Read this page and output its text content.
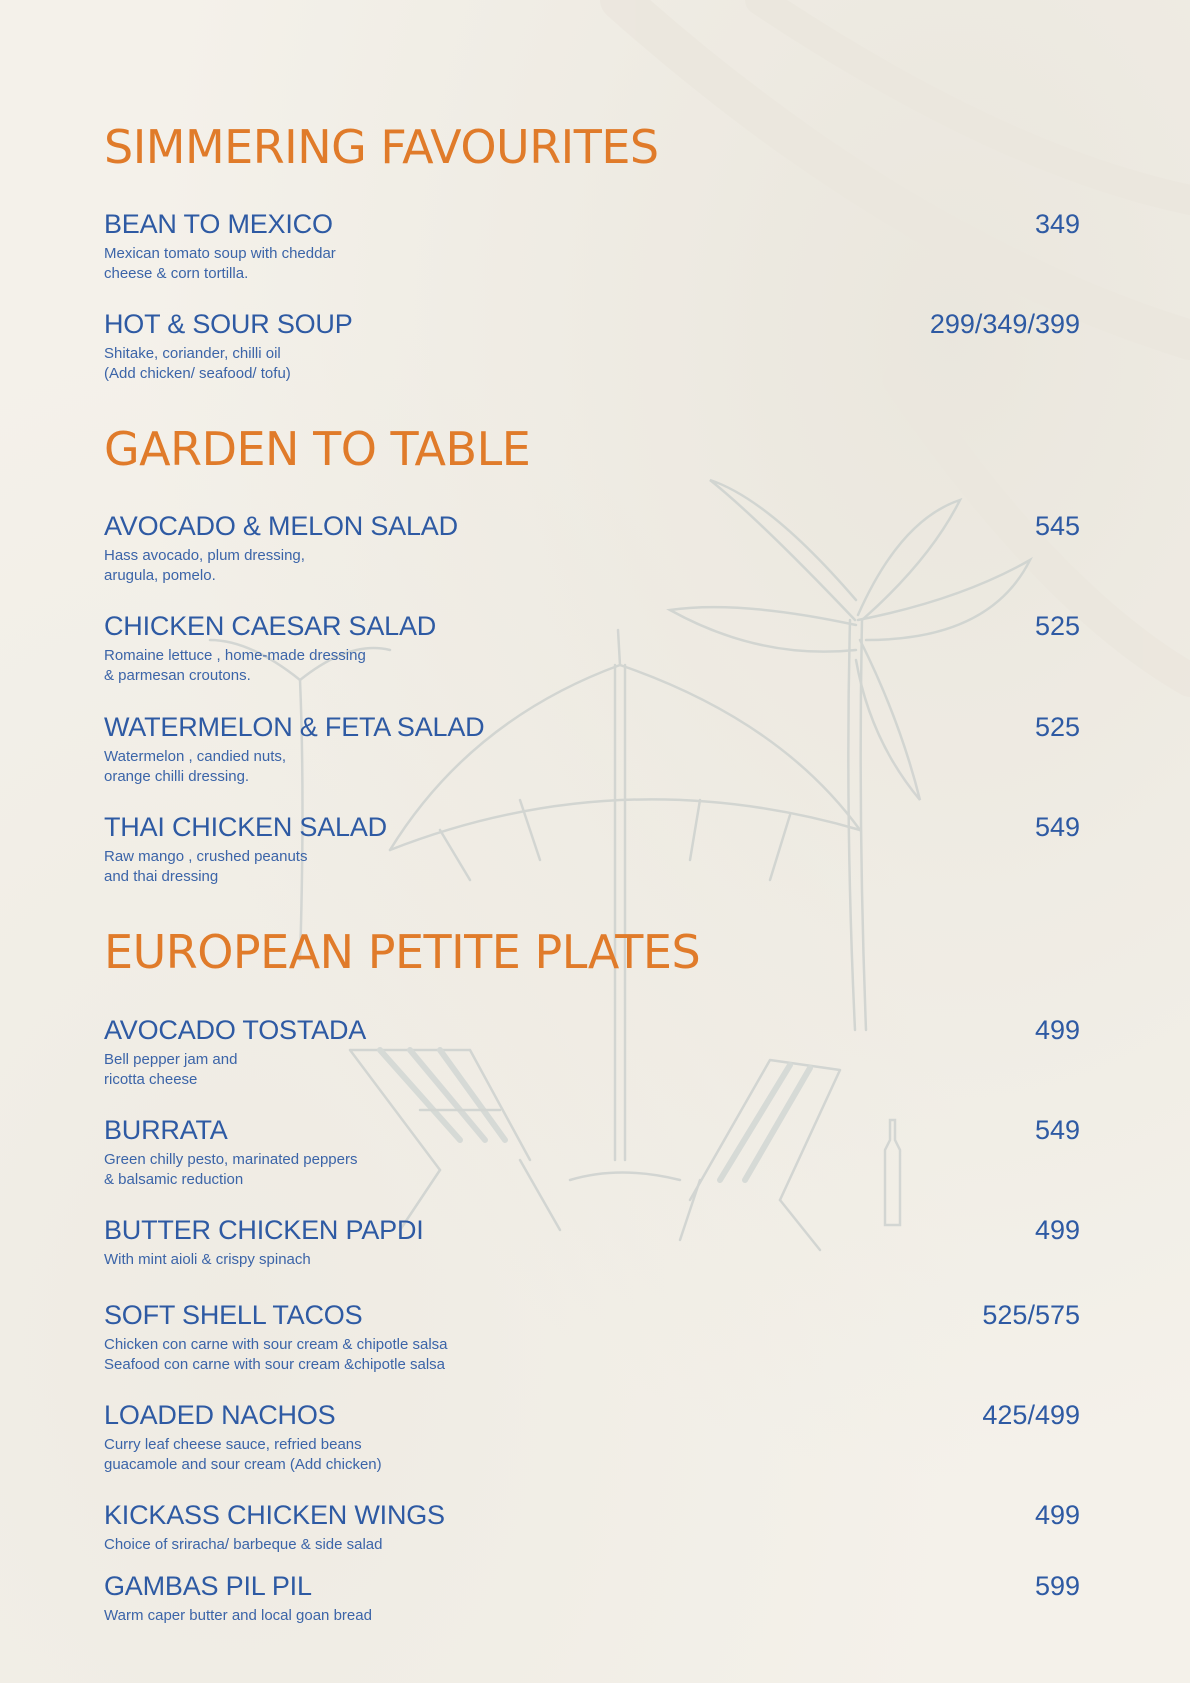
SIMMERING FAVOURITES
BEAN TO MEXICO	349
Mexican tomato soup with cheddar
cheese & corn tortilla.
HOT & SOUR SOUP	299/349/399
Shitake, coriander, chilli oil
(Add chicken/ seafood/ tofu)
GARDEN TO TABLE
AVOCADO & MELON SALAD	545
Hass avocado, plum dressing,
arugula, pomelo.
CHICKEN CAESAR SALAD	525
Romaine lettuce , home-made dressing
& parmesan croutons.
WATERMELON & FETA SALAD	525
Watermelon , candied nuts,
orange chilli dressing.
THAI CHICKEN SALAD	549
Raw mango , crushed peanuts
and thai dressing
EUROPEAN PETITE PLATES
AVOCADO TOSTADA	499
Bell pepper jam and
ricotta cheese
BURRATA	549
Green chilly pesto, marinated peppers
& balsamic reduction
BUTTER CHICKEN PAPDI	499
With mint aioli & crispy spinach
SOFT SHELL TACOS	525/575
Chicken con carne with sour cream & chipotle salsa
Seafood con carne with sour cream &chipotle salsa
LOADED NACHOS	425/499
Curry leaf cheese sauce, refried beans
guacamole and sour cream (Add chicken)
KICKASS CHICKEN WINGS	499
Choice of sriracha/ barbeque & side salad
GAMBAS PIL PIL	599
Warm caper butter and local goan bread
